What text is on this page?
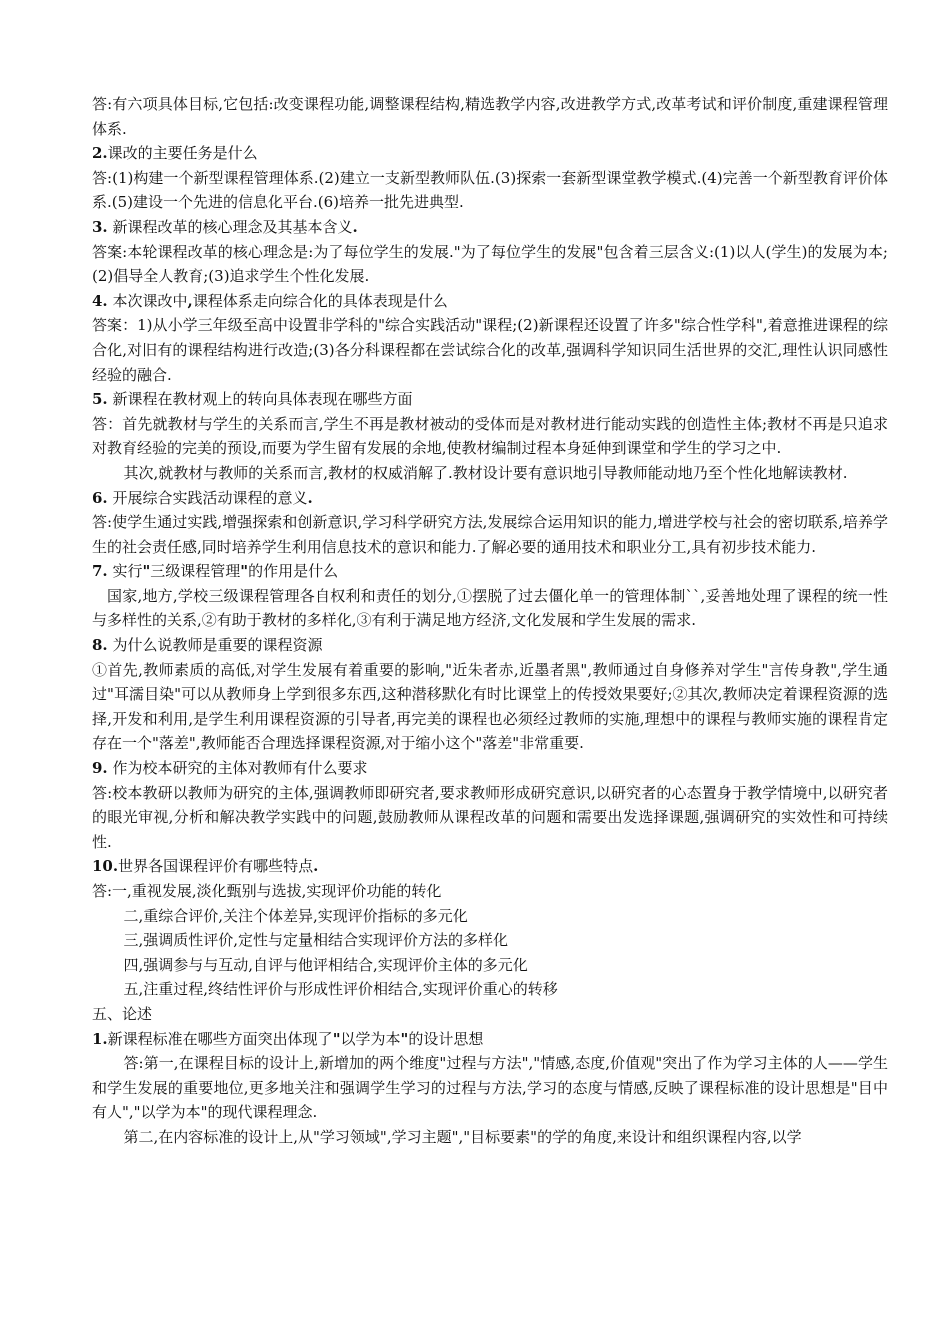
答:有六项具体目标,它包括:改变课程功能,调整课程结构,精选教学内容,改进教学方式,改革考试和评价制度,重建课程管理体系.

2.课改的主要任务是什么

答:(1)构建一个新型课程管理体系.(2)建立一支新型教师队伍.(3)探索一套新型课堂教学模式.(4)完善一个新型教育评价体系.(5)建设一个先进的信息化平台.(6)培养一批先进典型.

3. 新课程改革的核心理念及其基本含义.

答案:本轮课程改革的核心理念是:为了每位学生的发展."为了每位学生的发展"包含着三层含义:(1)以人(学生)的发展为本;(2)倡导全人教育;(3)追求学生个性化发展.

4. 本次课改中,课程体系走向综合化的具体表现是什么

答案：1)从小学三年级至高中设置非学科的"综合实践活动"课程;(2)新课程还设置了许多"综合性学科",着意推进课程的综合化,对旧有的课程结构进行改造;(3)各分科课程都在尝试综合化的改革,强调科学知识同生活世界的交汇,理性认识同感性经验的融合.

5. 新课程在教材观上的转向具体表现在哪些方面

答：首先就教材与学生的关系而言,学生不再是教材被动的受体而是对教材进行能动实践的创造性主体;教材不再是只追求对教育经验的完美的预设,而要为学生留有发展的余地,使教材编制过程本身延伸到课堂和学生的学习之中.

其次,就教材与教师的关系而言,教材的权威消解了.教材设计要有意识地引导教师能动地乃至个性化地解读教材.

6. 开展综合实践活动课程的意义.

答:使学生通过实践,增强探索和创新意识,学习科学研究方法,发展综合运用知识的能力,增进学校与社会的密切联系,培养学生的社会责任感,同时培养学生利用信息技术的意识和能力.了解必要的通用技术和职业分工,具有初步技术能力.

7. 实行"三级课程管理"的作用是什么

国家,地方,学校三级课程管理各自权利和责任的划分,①摆脱了过去僵化单一的管理体制``,妥善地处理了课程的统一性与多样性的关系,②有助于教材的多样化,③有利于满足地方经济,文化发展和学生发展的需求.

8. 为什么说教师是重要的课程资源

①首先,教师素质的高低,对学生发展有着重要的影响,"近朱者赤,近墨者黑",教师通过自身修养对学生"言传身教",学生通过"耳濡目染"可以从教师身上学到很多东西,这种潜移默化有时比课堂上的传授效果要好;②其次,教师决定着课程资源的选择,开发和利用,是学生利用课程资源的引导者,再完美的课程也必须经过教师的实施,理想中的课程与教师实施的课程肯定存在一个"落差",教师能否合理选择课程资源,对于缩小这个"落差"非常重要.

9. 作为校本研究的主体对教师有什么要求

答:校本教研以教师为研究的主体,强调教师即研究者,要求教师形成研究意识,以研究者的心态置身于教学情境中,以研究者的眼光审视,分析和解决教学实践中的问题,鼓励教师从课程改革的问题和需要出发选择课题,强调研究的实效性和可持续性.

10.世界各国课程评价有哪些特点.

答:一,重视发展,淡化甄别与选拔,实现评价功能的转化

二,重综合评价,关注个体差异,实现评价指标的多元化

三,强调质性评价,定性与定量相结合实现评价方法的多样化

四,强调参与与互动,自评与他评相结合,实现评价主体的多元化

五,注重过程,终结性评价与形成性评价相结合,实现评价重心的转移

五、论述

1.新课程标准在哪些方面突出体现了"以学为本"的设计思想

答:第一,在课程目标的设计上,新增加的两个维度"过程与方法","情感,态度,价值观"突出了作为学习主体的人——学生和学生发展的重要地位,更多地关注和强调学生学习的过程与方法,学习的态度与情感,反映了课程标准的设计思想是"目中有人","以学为本"的现代课程理念.

第二,在内容标准的设计上,从"学习领域",学习主题","目标要素"的学的角度,来设计和组织课程内容,以学
